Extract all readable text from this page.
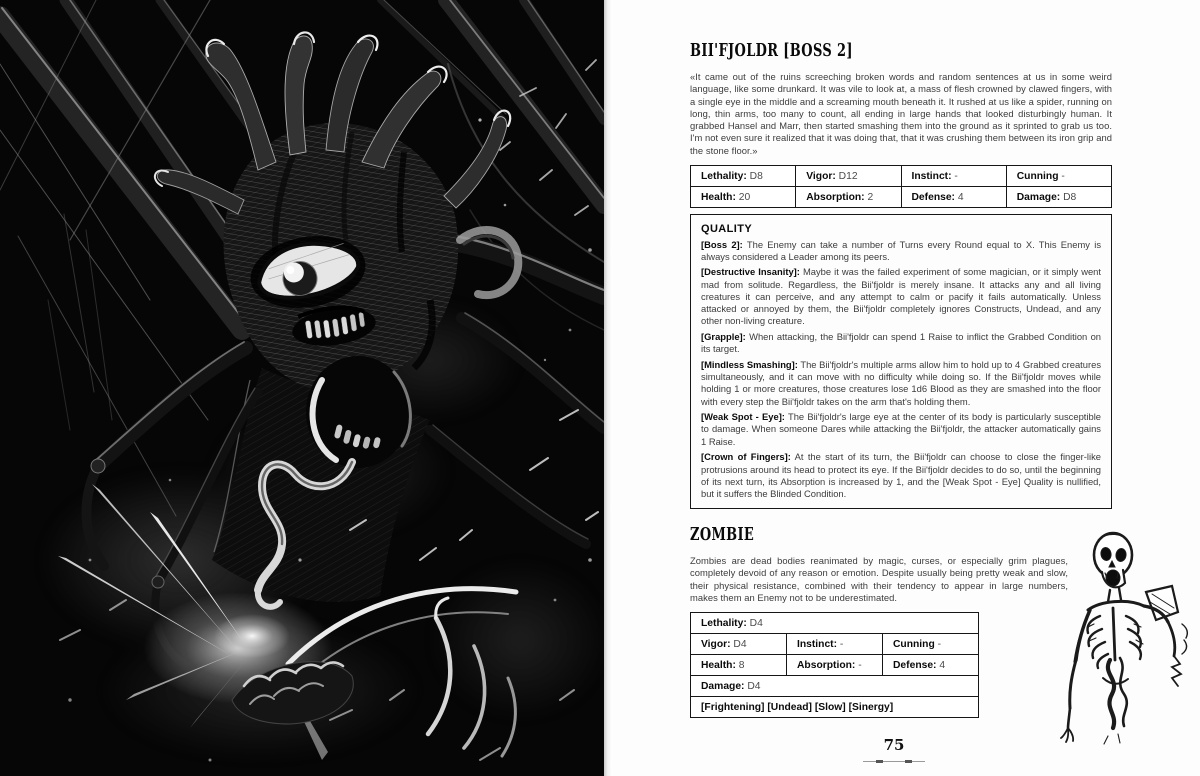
BII'FJOLDR [BOSS 2]

«It came out of the ruins screeching broken words and random sentences at us in some weird language, like some drunkard. It was vile to look at, a mass of flesh crowned by clawed fingers, with a single eye in the middle and a screaming mouth beneath it. It rushed at us like a spider, running on long, thin arms, too many to count, all ending in large hands that looked disturbingly human. It grabbed Hansel and Marr, then started smashing them into the ground as it sprinted to grab us too. I'm not even sure it realized that it was doing that, that it was crushing them between its iron grip and the stone floor.»

Lethality: D8	Vigor: D12	Instinct: -	Cunning -
Health: 20	Absorption: 2	Defense: 4	Damage: D8
QUALITY

[Boss 2]: The Enemy can take a number of Turns every Round equal to X. This Enemy is always considered a Leader among its peers.

[Destructive Insanity]: Maybe it was the failed experiment of some magician, or it simply went mad from solitude. Regardless, the Bii'fjoldr is merely insane. It attacks any and all living creatures it can perceive, and any attempt to calm or pacify it fails automatically. Unless attacked or annoyed by them, the Bii'fjoldr completely ignores Constructs, Undead, and any other non-living creature.

[Grapple]: When attacking, the Bii'fjoldr can spend 1 Raise to inflict the Grabbed Condition on its target.

[Mindless Smashing]: The Bii'fjoldr's multiple arms allow him to hold up to 4 Grabbed creatures simultaneously, and it can move with no difficulty while doing so. If the Bii'fjoldr moves while holding 1 or more creatures, those creatures lose 1d6 Blood as they are smashed into the floor with every step the Bii'fjoldr takes on the arm that's holding them.

[Weak Spot - Eye]: The Bii'fjoldr's large eye at the center of its body is particularly susceptible to damage. When someone Dares while attacking the Bii'fjoldr, the attacker automatically gains 1 Raise.

[Crown of Fingers]: At the start of its turn, the Bii'fjoldr can choose to close the finger-like protrusions around its head to protect its eye. If the Bii'fjoldr decides to do so, until the beginning of its next turn, its Absorption is increased by 1, and the [Weak Spot - Eye] Quality is nullified, but it suffers the Blinded Condition.

ZOMBIE

Zombies are dead bodies reanimated by magic, curses, or especially grim plagues, completely devoid of any reason or emotion. Despite usually being pretty weak and slow, their physical resistance, combined with their tendency to appear in large numbers, makes them an Enemy not to be underestimated.

Lethality: D4
Vigor: D4	Instinct: -	Cunning -
Health: 8	Absorption: -	Defense: 4
Damage: D4
[Frightening] [Undead] [Slow] [Sinergy]
75
